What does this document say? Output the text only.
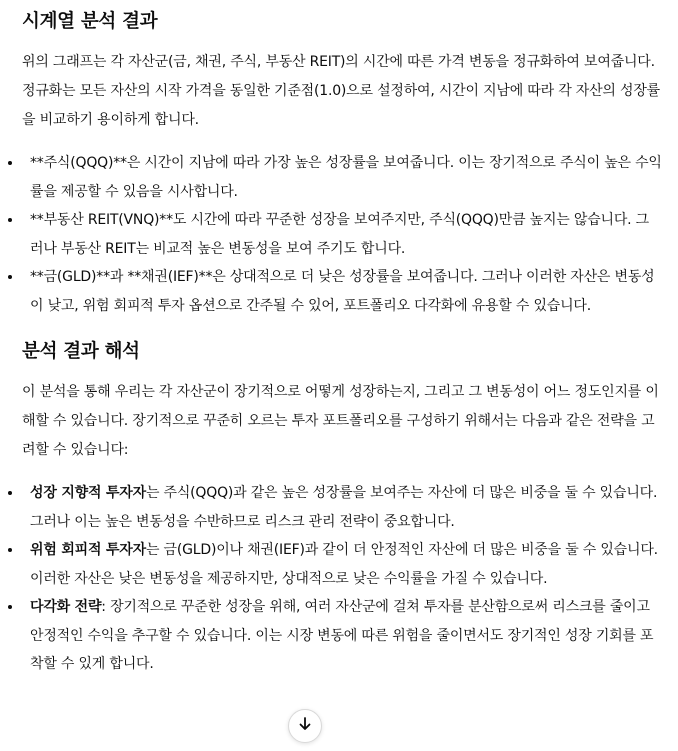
시계열 분석 결과

위의 그래프는 각 자산군(금, 채권, 주식, 부동산 REIT)의 시간에 따른 가격 변동을 정규화하여 보여줍니다. 정규화는 모든 자산의 시작 가격을 동일한 기준점(1.0)으로 설정하여, 시간이 지남에 따라 각 자산의 성장률을 비교하기 용이하게 합니다.

**주식(QQQ)**은 시간이 지남에 따라 가장 높은 성장률을 보여줍니다. 이는 장기적으로 주식이 높은 수익률을 제공할 수 있음을 시사합니다.
**부동산 REIT(VNQ)**도 시간에 따라 꾸준한 성장을 보여주지만, 주식(QQQ)만큼 높지는 않습니다. 그러나 부동산 REIT는 비교적 높은 변동성을 보여 주기도 합니다.
**금(GLD)**과 **채권(IEF)**은 상대적으로 더 낮은 성장률을 보여줍니다. 그러나 이러한 자산은 변동성이 낮고, 위험 회피적 투자 옵션으로 간주될 수 있어, 포트폴리오 다각화에 유용할 수 있습니다.
분석 결과 해석

이 분석을 통해 우리는 각 자산군이 장기적으로 어떻게 성장하는지, 그리고 그 변동성이 어느 정도인지를 이해할 수 있습니다. 장기적으로 꾸준히 오르는 투자 포트폴리오를 구성하기 위해서는 다음과 같은 전략을 고려할 수 있습니다:

성장 지향적 투자자는 주식(QQQ)과 같은 높은 성장률을 보여주는 자산에 더 많은 비중을 둘 수 있습니다. 그러나 이는 높은 변동성을 수반하므로 리스크 관리 전략이 중요합니다.
위험 회피적 투자자는 금(GLD)이나 채권(IEF)과 같이 더 안정적인 자산에 더 많은 비중을 둘 수 있습니다. 이러한 자산은 낮은 변동성을 제공하지만, 상대적으로 낮은 수익률을 가질 수 있습니다.
다각화 전략: 장기적으로 꾸준한 성장을 위해, 여러 자산군에 걸쳐 투자를 분산함으로써 리스크를 줄이고 안정적인 수익을 추구할 수 있습니다. 이는 시장 변동에 따른 위험을 줄이면서도 장기적인 성장 기회를 포착할 수 있게 합니다.
